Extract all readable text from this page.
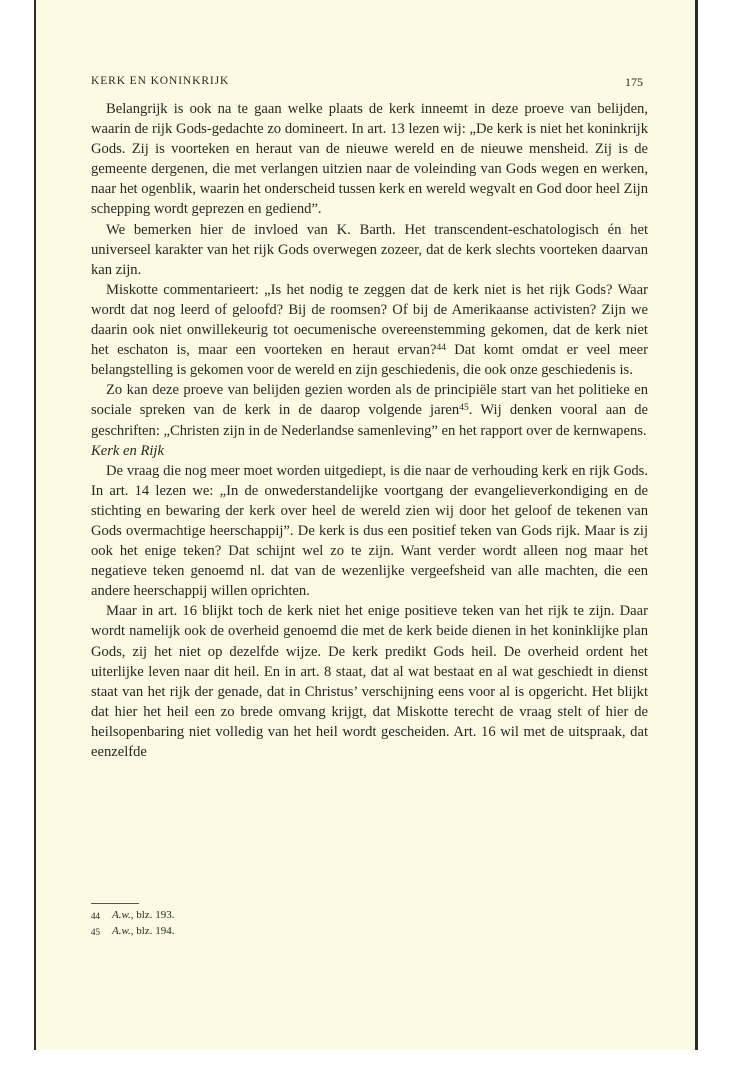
KERK EN KONINKRIJK	175

Belangrijk is ook na te gaan welke plaats de kerk inneemt in deze proeve van belijden, waarin de rijk Gods-gedachte zo domineert. In art. 13 lezen wij: „De kerk is niet het koninkrijk Gods. Zij is voorteken en heraut van de nieuwe wereld en de nieuwe mensheid. Zij is de gemeente dergenen, die met verlangen uitzien naar de voleinding van Gods wegen en werken, naar het ogenblik, waarin het onderscheid tussen kerk en wereld wegvalt en God door heel Zijn schepping wordt geprezen en gediend”.

We bemerken hier de invloed van K. Barth. Het transcendent-eschatologisch én het universeel karakter van het rijk Gods overwegen zozeer, dat de kerk slechts voorteken daarvan kan zijn.

Miskotte commentarieert: „Is het nodig te zeggen dat de kerk niet is het rijk Gods? Waar wordt dat nog leerd of geloofd? Bij de roomsen? Of bij de Amerikaanse activisten? Zijn we daarin ook niet onwillekeurig tot oecumenische overeenstemming gekomen, dat de kerk niet het eschaton is, maar een voorteken en heraut ervan?$^{44}$ Dat komt omdat er veel meer belangstelling is gekomen voor de wereld en zijn geschiedenis, die ook onze geschiedenis is.

Zo kan deze proeve van belijden gezien worden als de principiële start van het politieke en sociale spreken van de kerk in de daarop volgende jaren$^{45}$. Wij denken vooral aan de geschriften: „Christen zijn in de Nederlandse samenleving” en het rapport over de kernwapens.

Kerk en Rijk

De vraag die nog meer moet worden uitgediept, is die naar de verhouding kerk en rijk Gods. In art. 14 lezen we: „In de onwederstandelijke voortgang der evangelieverkondiging en de stichting en bewaring der kerk over heel de wereld zien wij door het geloof de tekenen van Gods overmachtige heerschappij”. De kerk is dus een positief teken van Gods rijk. Maar is zij ook het enige teken? Dat schijnt wel zo te zijn. Want verder wordt alleen nog maar het negatieve teken genoemd nl. dat van de wezenlijke vergeefsheid van alle machten, die een andere heerschappij willen oprichten.

Maar in art. 16 blijkt toch de kerk niet het enige positieve teken van het rijk te zijn. Daar wordt namelijk ook de overheid genoemd die met de kerk beide dienen in het koninklijke plan Gods, zij het niet op dezelfde wijze. De kerk predikt Gods heil. De overheid ordent het uiterlijke leven naar dit heil. En in art. 8 staat, dat al wat bestaat en al wat geschiedt in dienst staat van het rijk der genade, dat in Christus’ verschijning eens voor al is opgericht. Het blijkt dat hier het heil een zo brede omvang krijgt, dat Miskotte terecht de vraag stelt of hier de heilsopenbaring niet volledig van het heil wordt gescheiden. Art. 16 wil met de uitspraak, dat eenzelfde

44	A.w., blz. 193.
45	A.w., blz. 194.
